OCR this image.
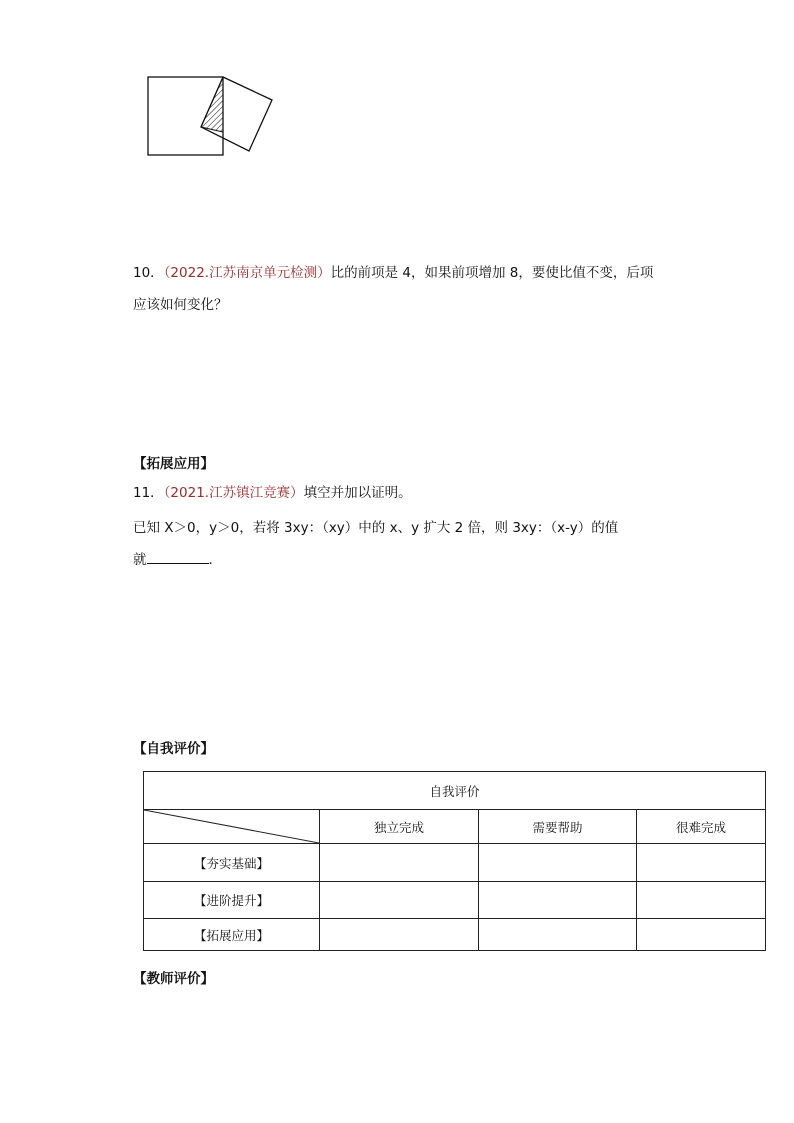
10．（2022.江苏南京单元检测）比的前项是 4，如果前项增加 8，要使比值不变，后项
应该如何变化？
【拓展应用】
11．（2021.江苏镇江竞赛）填空并加以证明。
已知 X＞0，y＞0，若将 3xy：（xy）中的 x、y 扩大 2 倍，则 3xy：（x-y）的值
就	．
【自我评价】
自我评价			

	独立完成	需要帮助	很难完成
【夯实基础】			
【进阶提升】			
【拓展应用】			
【教师评价】
